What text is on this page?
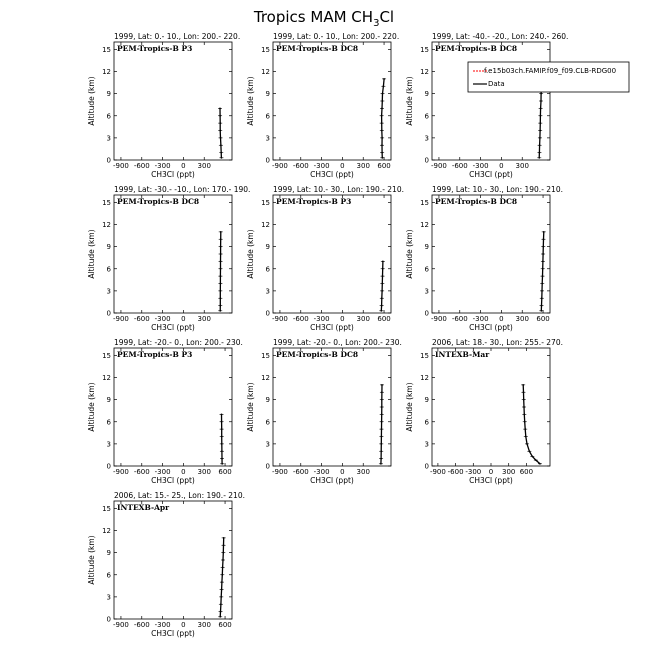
Tropics MAM $CH_3Cl$
1999, Lat: 0.- 10., Lon: 200.- 220.
PEM-Tropics-B P3
0
3
6
9
12
15
-900 -600 -300 0 300
CH3Cl (ppt)
Altitude (km)
1999, Lat: 0.- 10., Lon: 200.- 220.
PEM-Tropics-B DC8
0
3
6
9
12
15
-900 -600 -300 0 300 600
CH3Cl (ppt)
Altitude (km)
1999, Lat: -40.- -20., Lon: 240.- 260.
PEM-Tropics-B DC8
0
3
6
9
12
15
-900 -600 -300 0 300
CH3Cl (ppt)
Altitude (km)
1999, Lat: -30.- -10., Lon: 170.- 190.
PEM-Tropics-B DC8
0
3
6
9
12
15
-900 -600 -300 0 300
CH3Cl (ppt)
Altitude (km)
1999, Lat: 10.- 30., Lon: 190.- 210.
PEM-Tropics-B P3
0
3
6
9
12
15
-900 -600 -300 0 300 600
CH3Cl (ppt)
Altitude (km)
1999, Lat: 10.- 30., Lon: 190.- 210.
PEM-Tropics-B DC8
0
3
6
9
12
15
-900 -600 -300 0 300 600
CH3Cl (ppt)
Altitude (km)
1999, Lat: -20.- 0., Lon: 200.- 230.
PEM-Tropics-B P3
0
3
6
9
12
15
-900 -600 -300 0 300 600
CH3Cl (ppt)
Altitude (km)
1999, Lat: -20.- 0., Lon: 200.- 230.
PEM-Tropics-B DC8
0
3
6
9
12
15
-900 -600 -300 0 300
CH3Cl (ppt)
Altitude (km)
2006, Lat: 18.- 30., Lon: 255.- 270.
INTEXB-Mar
0
3
6
9
12
15
-900 -600 -300 0 300 600
CH3Cl (ppt)
Altitude (km)
2006, Lat: 15.- 25., Lon: 190.- 210.
INTEXB-Apr
0
3
6
9
12
15
-900 -600 -300 0 300 600
CH3Cl (ppt)
Altitude (km)
f.e15b03ch.FAMIP.f09_f09.CLB-RDG00
Data
